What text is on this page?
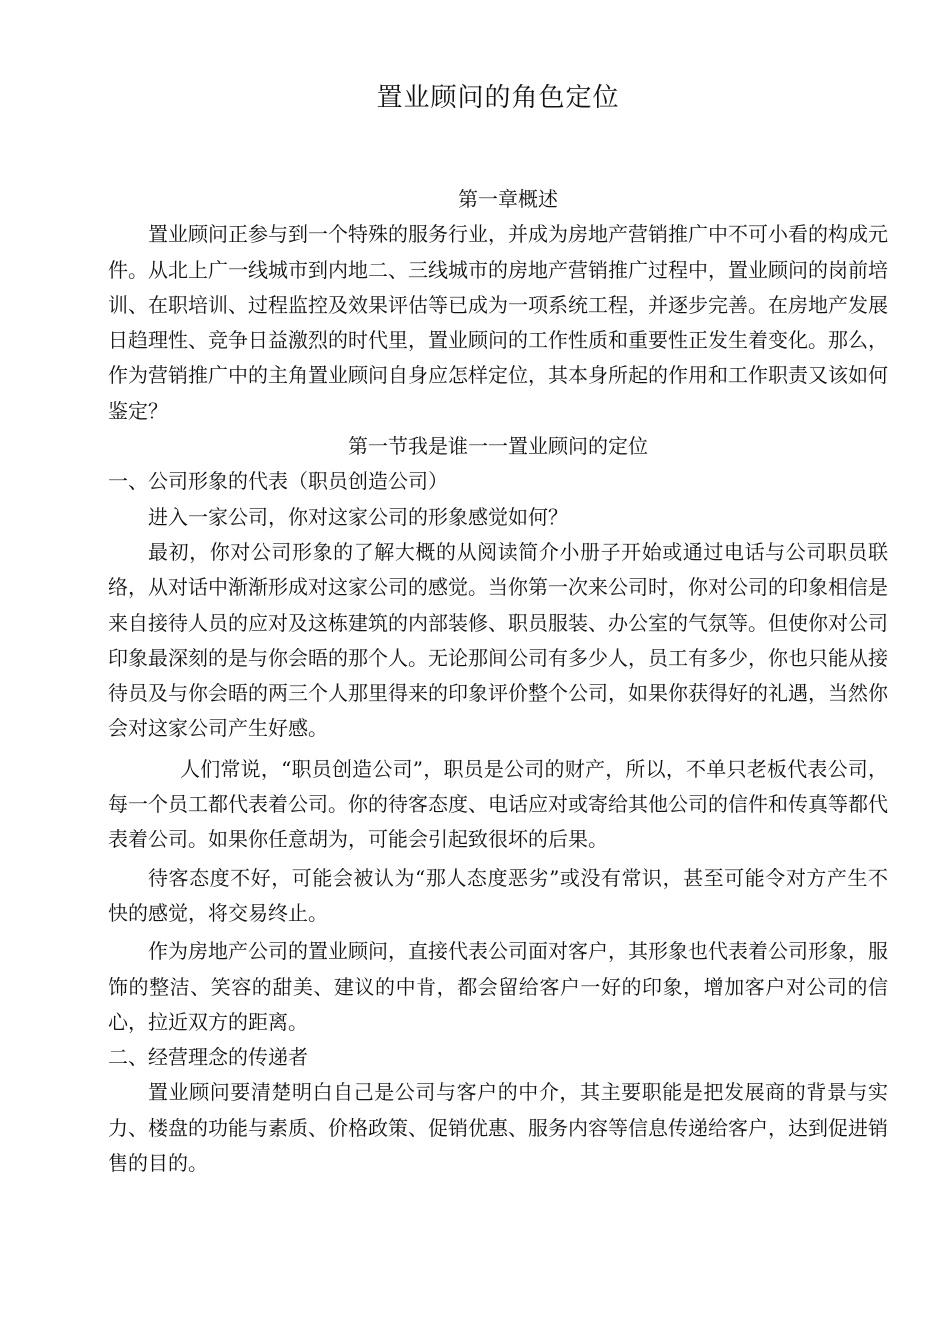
置业顾问的角色定位

第一章概述

置业顾问正参与到一个特殊的服务行业，并成为房地产营销推广中不可小看的构成元件。从北上广一线城市到内地二、三线城市的房地产营销推广过程中，置业顾问的岗前培训、在职培训、过程监控及效果评估等已成为一项系统工程，并逐步完善。在房地产发展日趋理性、竞争日益激烈的时代里，置业顾问的工作性质和重要性正发生着变化。那么，作为营销推广中的主角置业顾问自身应怎样定位，其本身所起的作用和工作职责又该如何鉴定？

第一节我是谁一一置业顾问的定位

一、公司形象的代表（职员创造公司）

进入一家公司，你对这家公司的形象感觉如何？

最初，你对公司形象的了解大概的从阅读简介小册子开始或通过电话与公司职员联络，从对话中渐渐形成对这家公司的感觉。当你第一次来公司时，你对公司的印象相信是来自接待人员的应对及这栋建筑的内部装修、职员服装、办公室的气氛等。但使你对公司印象最深刻的是与你会晤的那个人。无论那间公司有多少人，员工有多少，你也只能从接待员及与你会晤的两三个人那里得来的印象评价整个公司，如果你获得好的礼遇，当然你会对这家公司产生好感。

人们常说，“职员创造公司”，职员是公司的财产，所以，不单只老板代表公司，每一个员工都代表着公司。你的待客态度、电话应对或寄给其他公司的信件和传真等都代表着公司。如果你任意胡为，可能会引起致很坏的后果。

待客态度不好，可能会被认为“那人态度恶劣”或没有常识，甚至可能令对方产生不快的感觉，将交易终止。

作为房地产公司的置业顾问，直接代表公司面对客户，其形象也代表着公司形象，服饰的整洁、笑容的甜美、建议的中肯，都会留给客户一好的印象，增加客户对公司的信心，拉近双方的距离。

二、经营理念的传递者

置业顾问要清楚明白自己是公司与客户的中介，其主要职能是把发展商的背景与实力、楼盘的功能与素质、价格政策、促销优惠、服务内容等信息传递给客户，达到促进销售的目的。
